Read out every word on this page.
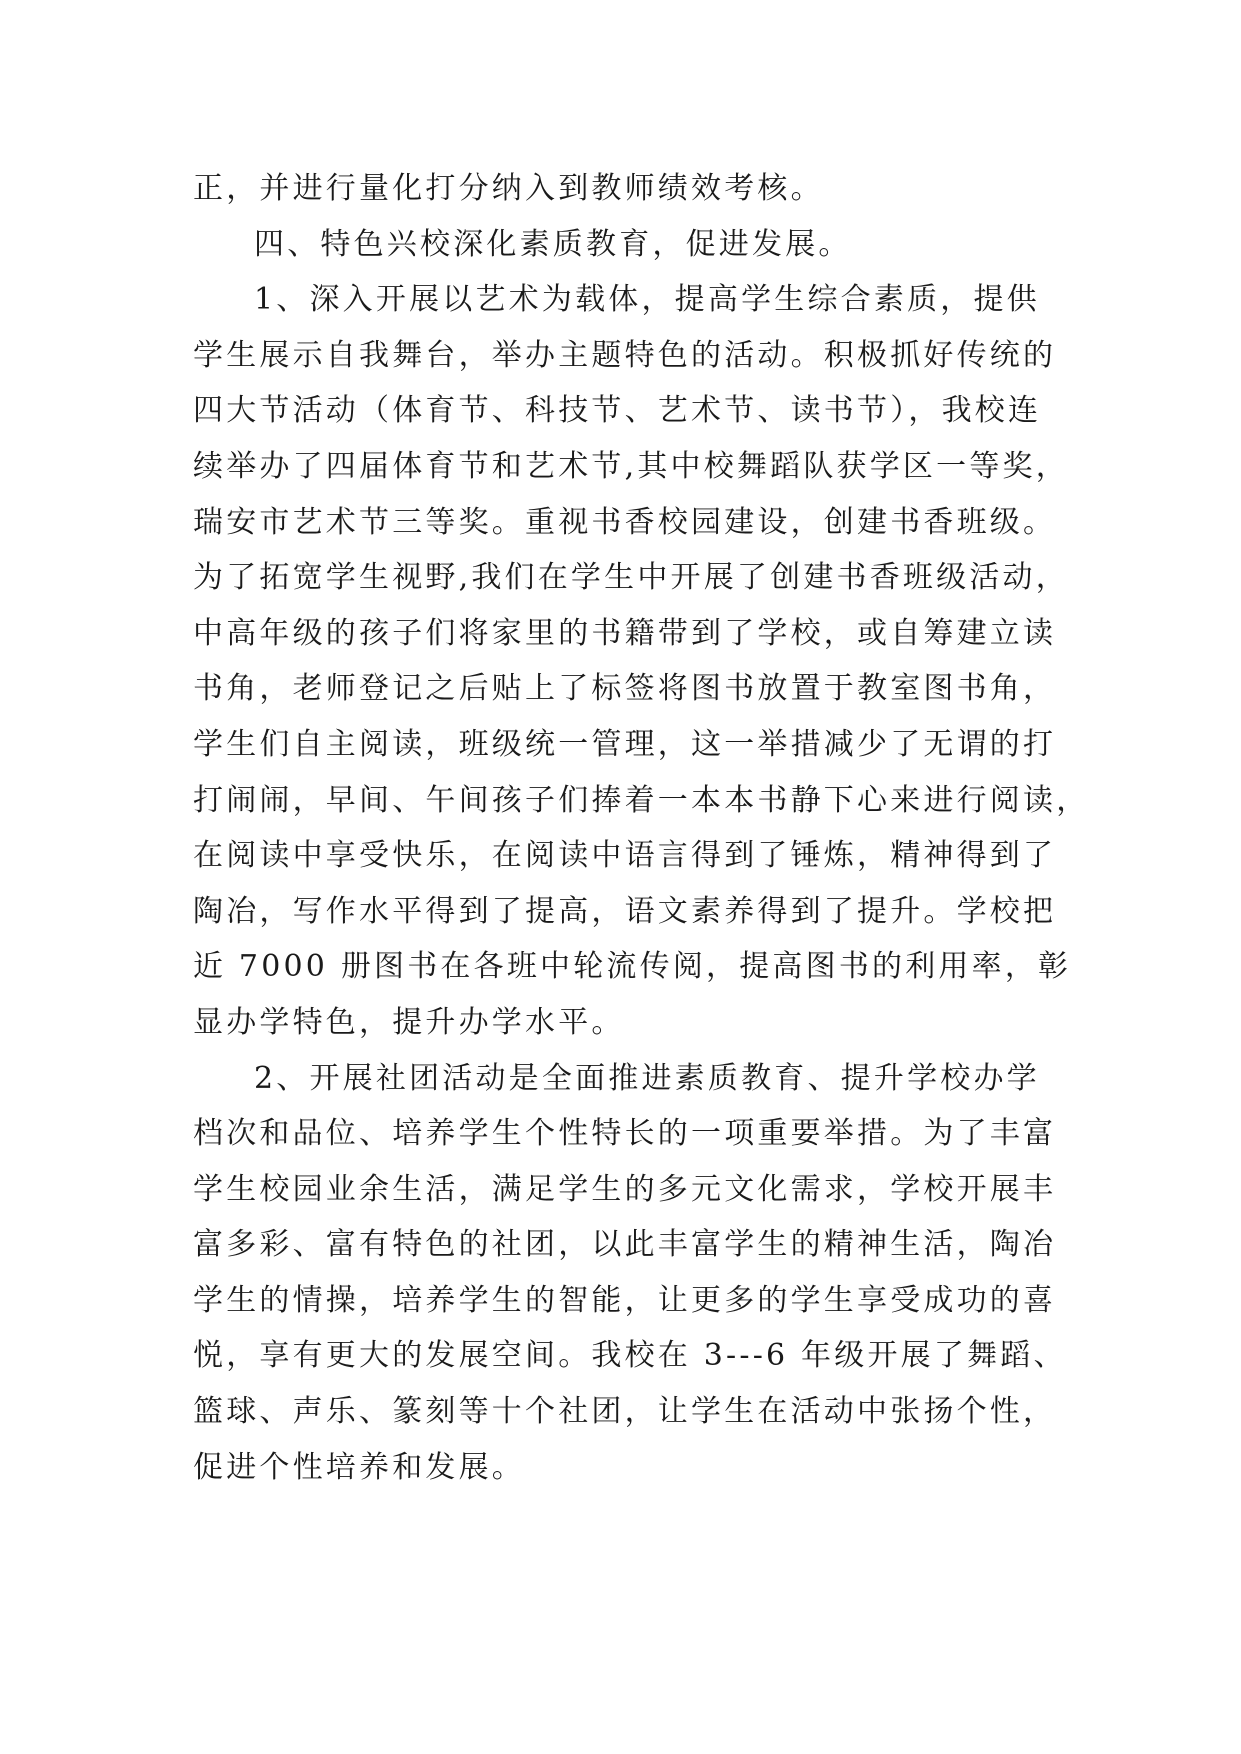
正，并进行量化打分纳入到教师绩效考核。
四、特色兴校深化素质教育，促进发展。
1、深入开展以艺术为载体，提高学生综合素质，提供
学生展示自我舞台，举办主题特色的活动。积极抓好传统的
四大节活动（体育节、科技节、艺术节、读书节），我校连
续举办了四届体育节和艺术节,其中校舞蹈队获学区一等奖，
瑞安市艺术节三等奖。重视书香校园建设，创建书香班级。
为了拓宽学生视野,我们在学生中开展了创建书香班级活动，
中高年级的孩子们将家里的书籍带到了学校，或自筹建立读
书角，老师登记之后贴上了标签将图书放置于教室图书角，
学生们自主阅读，班级统一管理，这一举措减少了无谓的打
打闹闹，早间、午间孩子们捧着一本本书静下心来进行阅读，
在阅读中享受快乐，在阅读中语言得到了锤炼，精神得到了
陶冶，写作水平得到了提高，语文素养得到了提升。学校把
近 7000 册图书在各班中轮流传阅，提高图书的利用率，彰
显办学特色，提升办学水平。
2、开展社团活动是全面推进素质教育、提升学校办学
档次和品位、培养学生个性特长的一项重要举措。为了丰富
学生校园业余生活，满足学生的多元文化需求，学校开展丰
富多彩、富有特色的社团，以此丰富学生的精神生活，陶冶
学生的情操，培养学生的智能，让更多的学生享受成功的喜
悦，享有更大的发展空间。我校在 3---6 年级开展了舞蹈、
篮球、声乐、篆刻等十个社团，让学生在活动中张扬个性，
促进个性培养和发展。
